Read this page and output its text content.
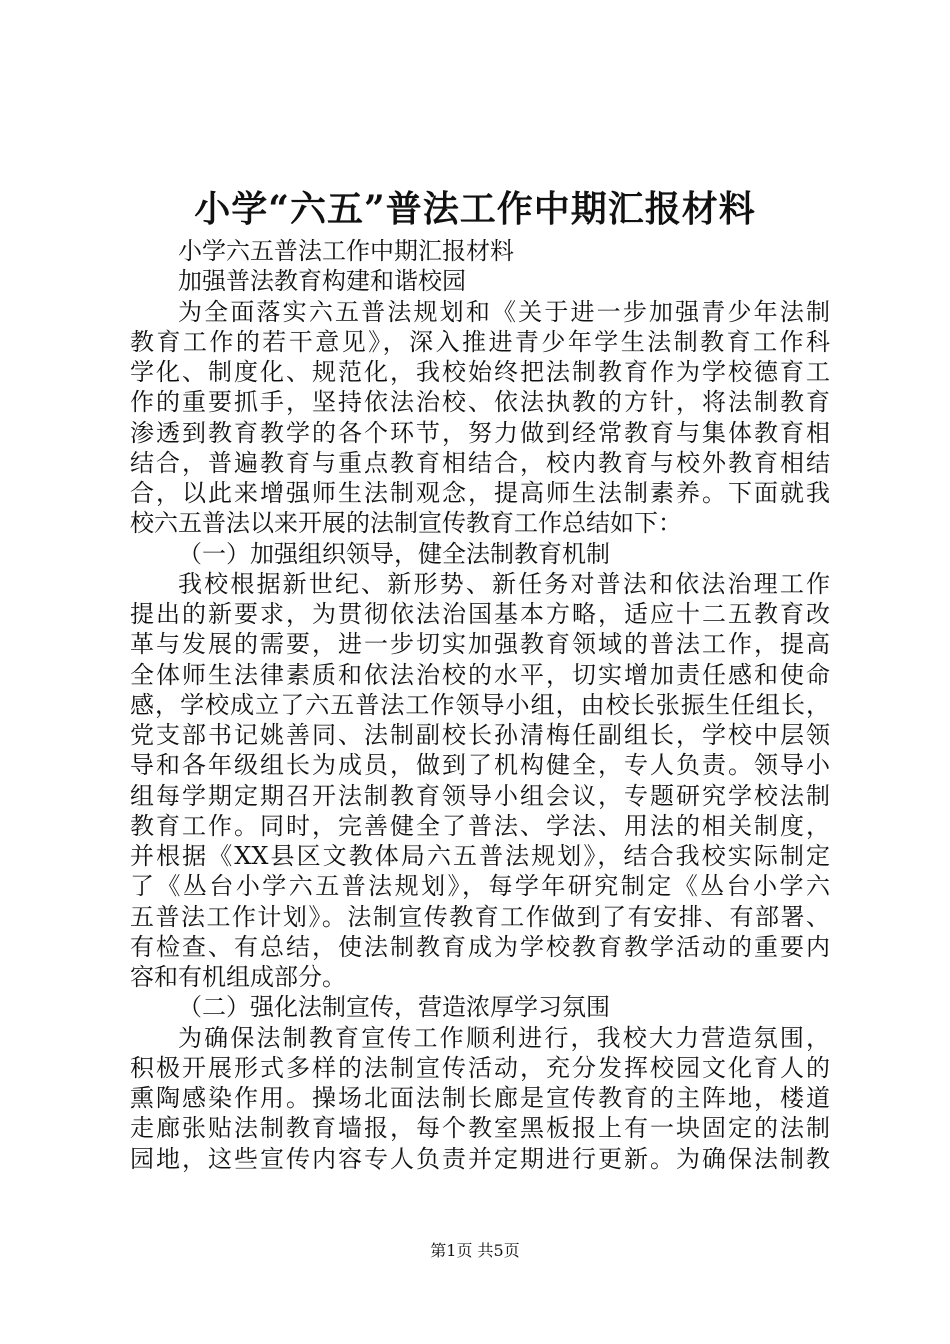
小学“六五”普法工作中期汇报材料
小学六五普法工作中期汇报材料
加强普法教育构建和谐校园
为全面落实六五普法规划和《关于进一步加强青少年法制
教育工作的若干意见》，深入推进青少年学生法制教育工作科
学化、制度化、规范化，我校始终把法制教育作为学校德育工
作的重要抓手，坚持依法治校、依法执教的方针，将法制教育
渗透到教育教学的各个环节，努力做到经常教育与集体教育相
结合，普遍教育与重点教育相结合，校内教育与校外教育相结
合，以此来增强师生法制观念，提高师生法制素养。下面就我
校六五普法以来开展的法制宣传教育工作总结如下：
（一）加强组织领导，健全法制教育机制
我校根据新世纪、新形势、新任务对普法和依法治理工作
提出的新要求，为贯彻依法治国基本方略，适应十二五教育改
革与发展的需要，进一步切实加强教育领域的普法工作，提高
全体师生法律素质和依法治校的水平，切实增加责任感和使命
感，学校成立了六五普法工作领导小组，由校长张振生任组长，
党支部书记姚善同、法制副校长孙清梅任副组长，学校中层领
导和各年级组长为成员，做到了机构健全，专人负责。领导小
组每学期定期召开法制教育领导小组会议，专题研究学校法制
教育工作。同时，完善健全了普法、学法、用法的相关制度，
并根据《XX县区文教体局六五普法规划》，结合我校实际制定
了《丛台小学六五普法规划》，每学年研究制定《丛台小学六
五普法工作计划》。法制宣传教育工作做到了有安排、有部署、
有检查、有总结，使法制教育成为学校教育教学活动的重要内
容和有机组成部分。
（二）强化法制宣传，营造浓厚学习氛围
为确保法制教育宣传工作顺利进行，我校大力营造氛围，
积极开展形式多样的法制宣传活动，充分发挥校园文化育人的
熏陶感染作用。操场北面法制长廊是宣传教育的主阵地，楼道
走廊张贴法制教育墙报，每个教室黑板报上有一块固定的法制
园地，这些宣传内容专人负责并定期进行更新。为确保法制教
第1页 共5页
